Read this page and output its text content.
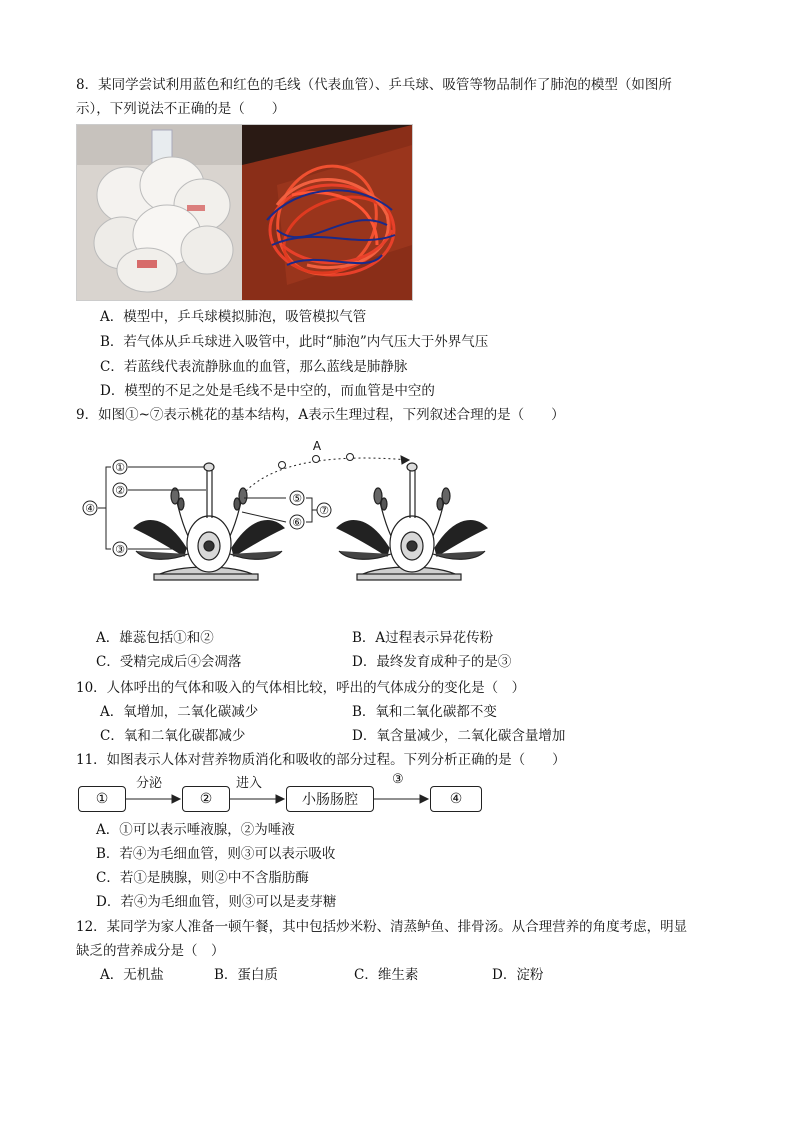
8．某同学尝试利用蓝色和红色的毛线（代表血管）、乒乓球、吸管等物品制作了肺泡的模型（如图所
示），下列说法不正确的是（　　）
A．模型中，乒乓球模拟肺泡，吸管模拟气管
B．若气体从乒乓球进入吸管中，此时“肺泡”内气压大于外界气压
C．若蓝线代表流静脉血的血管，那么蓝线是肺静脉
D．模型的不足之处是毛线不是中空的，而血管是中空的
9．如图①~⑦表示桃花的基本结构，A表示生理过程，下列叙述合理的是（　　）
①
②
③
④
⑤
⑥
⑦
A
A．雄蕊包括①和②	B．A过程表示异花传粉
C．受精完成后④会凋落	D．最终发育成种子的是③
10．人体呼出的气体和吸入的气体相比较，呼出的气体成分的变化是（　）
A．氧增加，二氧化碳减少	B．氧和二氧化碳都不变
C．氧和二氧化碳都减少	D．氧含量减少，二氧化碳含量增加
11．如图表示人体对营养物质消化和吸收的部分过程。下列分析正确的是（　　）
①	②	小肠肠腔	④
分泌	进入	③
A．①可以表示唾液腺，②为唾液
B．若④为毛细血管，则③可以表示吸收
C．若①是胰腺，则②中不含脂肪酶
D．若④为毛细血管，则③可以是麦芽糖
12．某同学为家人准备一顿午餐，其中包括炒米粉、清蒸鲈鱼、排骨汤。从合理营养的角度考虑，明显
缺乏的营养成分是（　）
A．无机盐	B．蛋白质	C．维生素	D．淀粉
